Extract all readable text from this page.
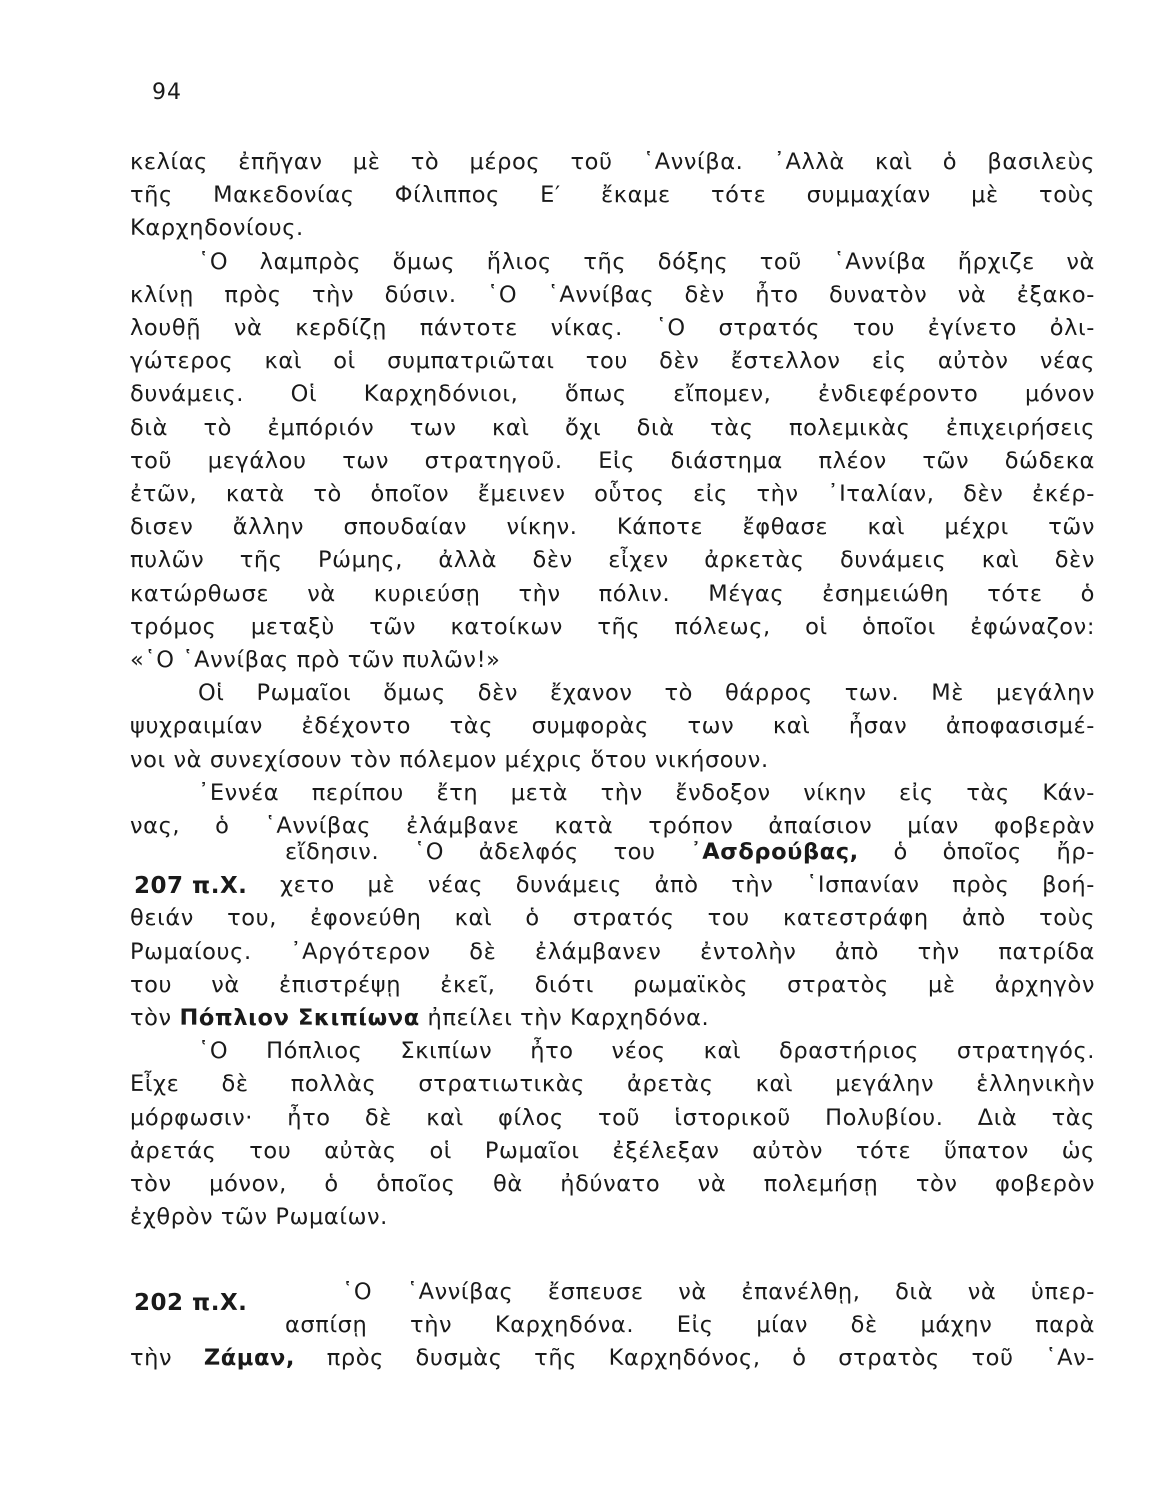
94
κελίας ἐπῆγαν μὲ τὸ μέρος τοῦ ῾Αννίβα. ᾿Αλλὰ καὶ ὁ βασιλεὺς
τῆς Μακεδονίας Φίλιππος Ε′ ἔκαμε τότε συμμαχίαν μὲ τοὺς
Καρχηδονίους.
῾Ο λαμπρὸς ὅμως ἥλιος τῆς δόξης τοῦ ῾Αννίβα ἤρχιζε νὰ
κλίνῃ πρὸς τὴν δύσιν. ῾Ο ῾Αννίβας δὲν ἦτο δυνατὸν νὰ ἐξακο-
λουθῇ νὰ κερδίζῃ πάντοτε νίκας. ῾Ο στρατός του ἐγίνετο ὀλι-
γώτερος καὶ οἱ συμπατριῶται του δὲν ἔστελλον εἰς αὐτὸν νέας
δυνάμεις. Οἱ Καρχηδόνιοι, ὅπως εἴπομεν, ἐνδιεφέροντο μόνον
διὰ τὸ ἐμπόριόν των καὶ ὄχι διὰ τὰς πολεμικὰς ἐπιχειρήσεις
τοῦ μεγάλου των στρατηγοῦ. Εἰς διάστημα πλέον τῶν δώδεκα
ἐτῶν, κατὰ τὸ ὁποῖον ἔμεινεν οὗτος εἰς τὴν ᾿Ιταλίαν, δὲν ἐκέρ-
δισεν ἄλλην σπουδαίαν νίκην. Κάποτε ἔφθασε καὶ μέχρι τῶν
πυλῶν τῆς Ρώμης, ἀλλὰ δὲν εἶχεν ἀρκετὰς δυνάμεις καὶ δὲν
κατώρθωσε νὰ κυριεύσῃ τὴν πόλιν. Μέγας ἐσημειώθη τότε ὁ
τρόμος μεταξὺ τῶν κατοίκων τῆς πόλεως, οἱ ὁποῖοι ἐφώναζον:
«῾Ο ῾Αννίβας πρὸ τῶν πυλῶν!»
Οἱ Ρωμαῖοι ὅμως δὲν ἔχανον τὸ θάρρος των. Μὲ μεγάλην
ψυχραιμίαν ἐδέχοντο τὰς συμφορὰς των καὶ ἦσαν ἀποφασισμέ-
νοι νὰ συνεχίσουν τὸν πόλεμον μέχρις ὅτου νικήσουν.
᾿Εννέα περίπου ἔτη μετὰ τὴν ἔνδοξον νίκην εἰς τὰς Κάν-
νας, ὁ ῾Αννίβας ἐλάμβανε κατὰ τρόπον ἀπαίσιον μίαν φοβερὰν
207 π.Χ.
εἴδησιν. ῾Ο ἀδελφός του ᾿Ασδρούβας, ὁ ὁποῖος ἤρ-
χετο μὲ νέας δυνάμεις ἀπὸ τὴν ῾Ισπανίαν πρὸς βοή-
θειάν του, ἐφονεύθη καὶ ὁ στρατός του κατεστράφη ἀπὸ τοὺς
Ρωμαίους. ᾿Αργότερον δὲ ἐλάμβανεν ἐντολὴν ἀπὸ τὴν πατρίδα
του νὰ ἐπιστρέψῃ ἐκεῖ, διότι ρωμαϊκὸς στρατὸς μὲ ἀρχηγὸν
τὸν Πόπλιον Σκιπίωνα ἠπείλει τὴν Καρχηδόνα.
῾Ο Πόπλιος Σκιπίων ἦτο νέος καὶ δραστήριος στρατηγός.
Εἶχε δὲ πολλὰς στρατιωτικὰς ἀρετὰς καὶ μεγάλην ἑλληνικὴν
μόρφωσιν· ἦτο δὲ καὶ φίλος τοῦ ἱστορικοῦ Πολυβίου. Διὰ τὰς
ἀρετάς του αὐτὰς οἱ Ρωμαῖοι ἐξέλεξαν αὐτὸν τότε ὕπατον ὡς
τὸν μόνον, ὁ ὁποῖος θὰ ἠδύνατο νὰ πολεμήσῃ τὸν φοβερὸν
ἐχθρὸν τῶν Ρωμαίων.
202 π.Χ.	῾Ο ῾Αννίβας ἔσπευσε νὰ ἐπανέλθῃ, διὰ νὰ ὑπερ-
ασπίσῃ τὴν Καρχηδόνα. Εἰς μίαν δὲ μάχην παρὰ
τὴν Ζάμαν, πρὸς δυσμὰς τῆς Καρχηδόνος, ὁ στρατὸς τοῦ ῾Αν-
